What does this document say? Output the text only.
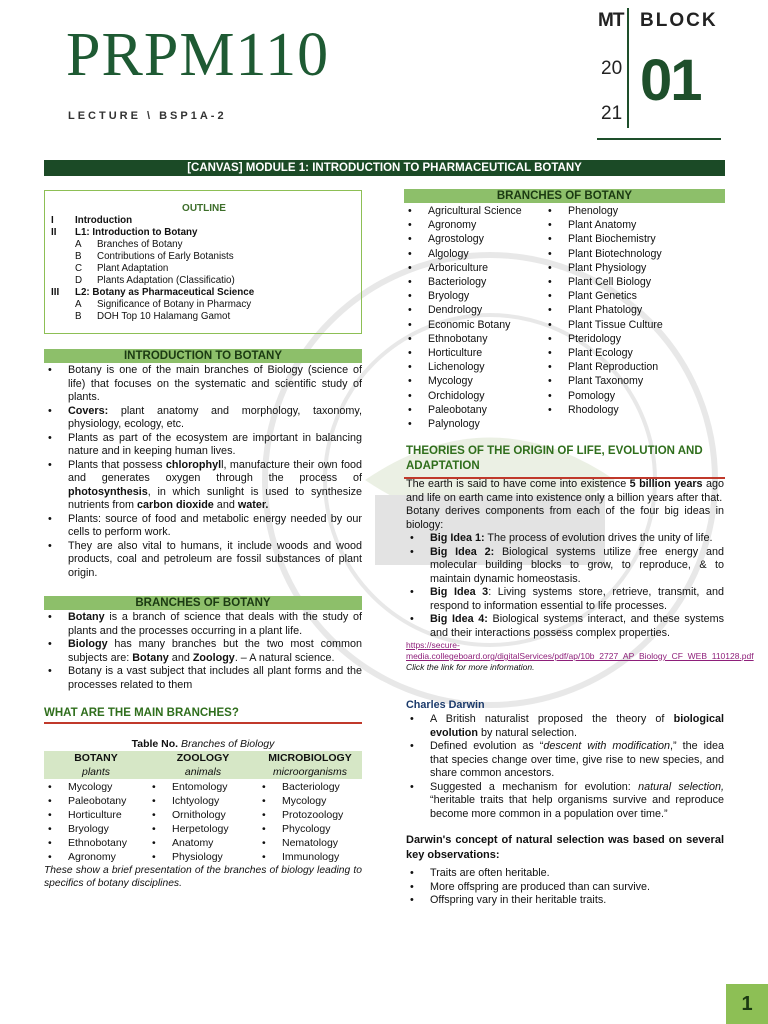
PRPM110
LECTURE \ BSP1A-2
MT BLOCK
20
21
01
[CANVAS] MODULE 1: INTRODUCTION TO PHARMACEUTICAL BOTANY
OUTLINE
I Introduction
II L1: Introduction to Botany
A Branches of Botany
B Contributions of Early Botanists
C Plant Adaptation
D Plants Adaptation (Classificatio)
III L2: Botany as Pharmaceutical Science
A Significance of Botany in Pharmacy
B DOH Top 10 Halamang Gamot
INTRODUCTION TO BOTANY
• Botany is one of the main branches of Biology (science of life) that focuses on the systematic and scientific study of plants.
• Covers: plant anatomy and morphology, taxonomy, physiology, ecology, etc.
• Plants as part of the ecosystem are important in balancing nature and in keeping human lives.
• Plants that possess chlorophyll, manufacture their own food and generates oxygen through the process of photosynthesis, in which sunlight is used to synthesize nutrients from carbon dioxide and water.
• Plants: source of food and metabolic energy needed by our cells to perform work.
• They are also vital to humans, it include woods and wood products, coal and petroleum are fossil substances of plant origin.
BRANCHES OF BOTANY
• Botany is a branch of science that deals with the study of plants and the processes occurring in a plant life.
• Biology has many branches but the two most common subjects are: Botany and Zoology. – A natural science.
• Botany is a vast subject that includes all plant forms and the processes related to them
WHAT ARE THE MAIN BRANCHES?
Table No. Branches of Biology
BOTANY
plants
• Mycology
• Paleobotany
• Horticulture
• Bryology
• Ethnobotany
• Agronomy
ZOOLOGY
animals
• Entomology
• Ichtyology
• Ornithology
• Herpetology
• Anatomy
• Physiology
MICROBIOLOGY
microorganisms
• Bacteriology
• Mycology
• Protozoology
• Phycology
• Nematology
• Immunology
These show a brief presentation of the branches of biology leading to specifics of botany disciplines.
BRANCHES OF BOTANY
• Agricultural Science
• Agronomy
• Agrostology
• Algology
• Arboriculture
• Bacteriology
• Bryology
• Dendrology
• Economic Botany
• Ethnobotany
• Horticulture
• Lichenology
• Mycology
• Orchidology
• Paleobotany
• Palynology
• Phenology
• Plant Anatomy
• Plant Biochemistry
• Plant Biotechnology
• Plant Physiology
• Plant Cell Biology
• Plant Genetics
• Plant Phatology
• Plant Tissue Culture
• Pteridology
• Plant Ecology
• Plant Reproduction
• Plant Taxonomy
• Pomology
• Rhodology
THEORIES OF THE ORIGIN OF LIFE, EVOLUTION AND ADAPTATION
The earth is said to have come into existence 5 billion years ago and life on earth came into existence only a billion years after that.
Botany derives components from each of the four big ideas in biology:
• Big Idea 1: The process of evolution drives the unity of life.
• Big Idea 2: Biological systems utilize free energy and molecular building blocks to grow, to reproduce, & to maintain dynamic homeostasis.
• Big Idea 3: Living systems store, retrieve, transmit, and respond to information essential to life processes.
• Big Idea 4: Biological systems interact, and these systems and their interactions possess complex properties.
https://secure-media.collegeboard.org/digitalServices/pdf/ap/10b_2727_AP_Biology_CF_WEB_110128.pdf Click the link for more information.
Charles Darwin
• A British naturalist proposed the theory of biological evolution by natural selection.
• Defined evolution as “descent with modification,” the idea that species change over time, give rise to new species, and share common ancestors.
• Suggested a mechanism for evolution: natural selection, “heritable traits that help organisms survive and reproduce become more common in a population over time.”
Darwin's concept of natural selection was based on several key observations:
• Traits are often heritable.
• More offspring are produced than can survive.
• Offspring vary in their heritable traits.
1
